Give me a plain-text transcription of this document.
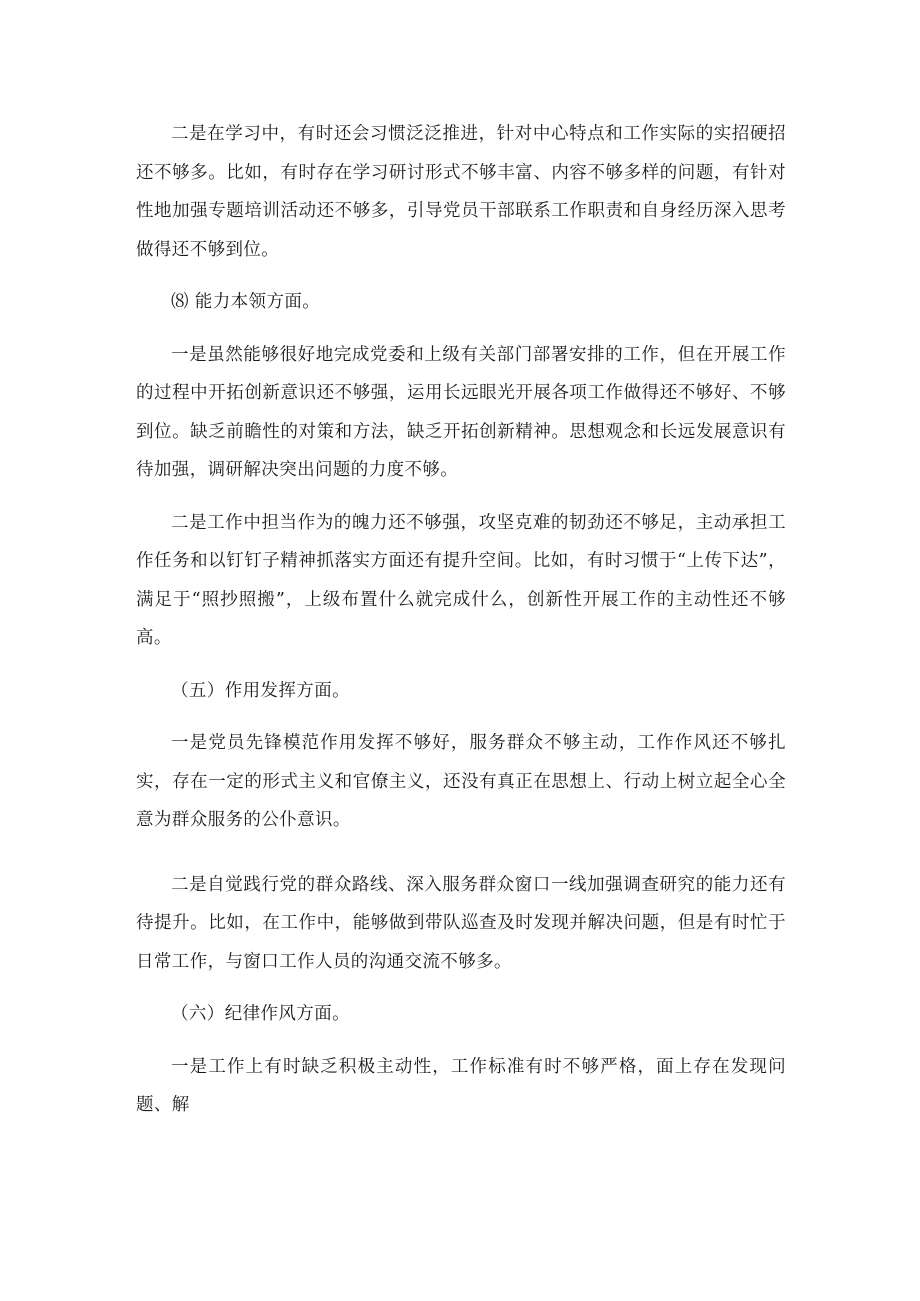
二是在学习中，有时还会习惯泛泛推进，针对中心特点和工作实际的实招硬招还不够多。比如，有时存在学习研讨形式不够丰富、内容不够多样的问题，有针对性地加强专题培训活动还不够多，引导党员干部联系工作职责和自身经历深入思考做得还不够到位。

⑻ 能力本领方面。

一是虽然能够很好地完成党委和上级有关部门部署安排的工作，但在开展工作的过程中开拓创新意识还不够强，运用长远眼光开展各项工作做得还不够好、不够到位。缺乏前瞻性的对策和方法，缺乏开拓创新精神。思想观念和长远发展意识有待加强，调研解决突出问题的力度不够。

二是工作中担当作为的魄力还不够强，攻坚克难的韧劲还不够足，主动承担工作任务和以钉钉子精神抓落实方面还有提升空间。比如，有时习惯于“上传下达”，满足于“照抄照搬”，上级布置什么就完成什么，创新性开展工作的主动性还不够高。

（五）作用发挥方面。

一是党员先锋模范作用发挥不够好，服务群众不够主动，工作作风还不够扎实，存在一定的形式主义和官僚主义，还没有真正在思想上、行动上树立起全心全意为群众服务的公仆意识。

二是自觉践行党的群众路线、深入服务群众窗口一线加强调查研究的能力还有待提升。比如，在工作中，能够做到带队巡查及时发现并解决问题，但是有时忙于日常工作，与窗口工作人员的沟通交流不够多。

（六）纪律作风方面。

一是工作上有时缺乏积极主动性，工作标准有时不够严格，面上存在发现问题、解
